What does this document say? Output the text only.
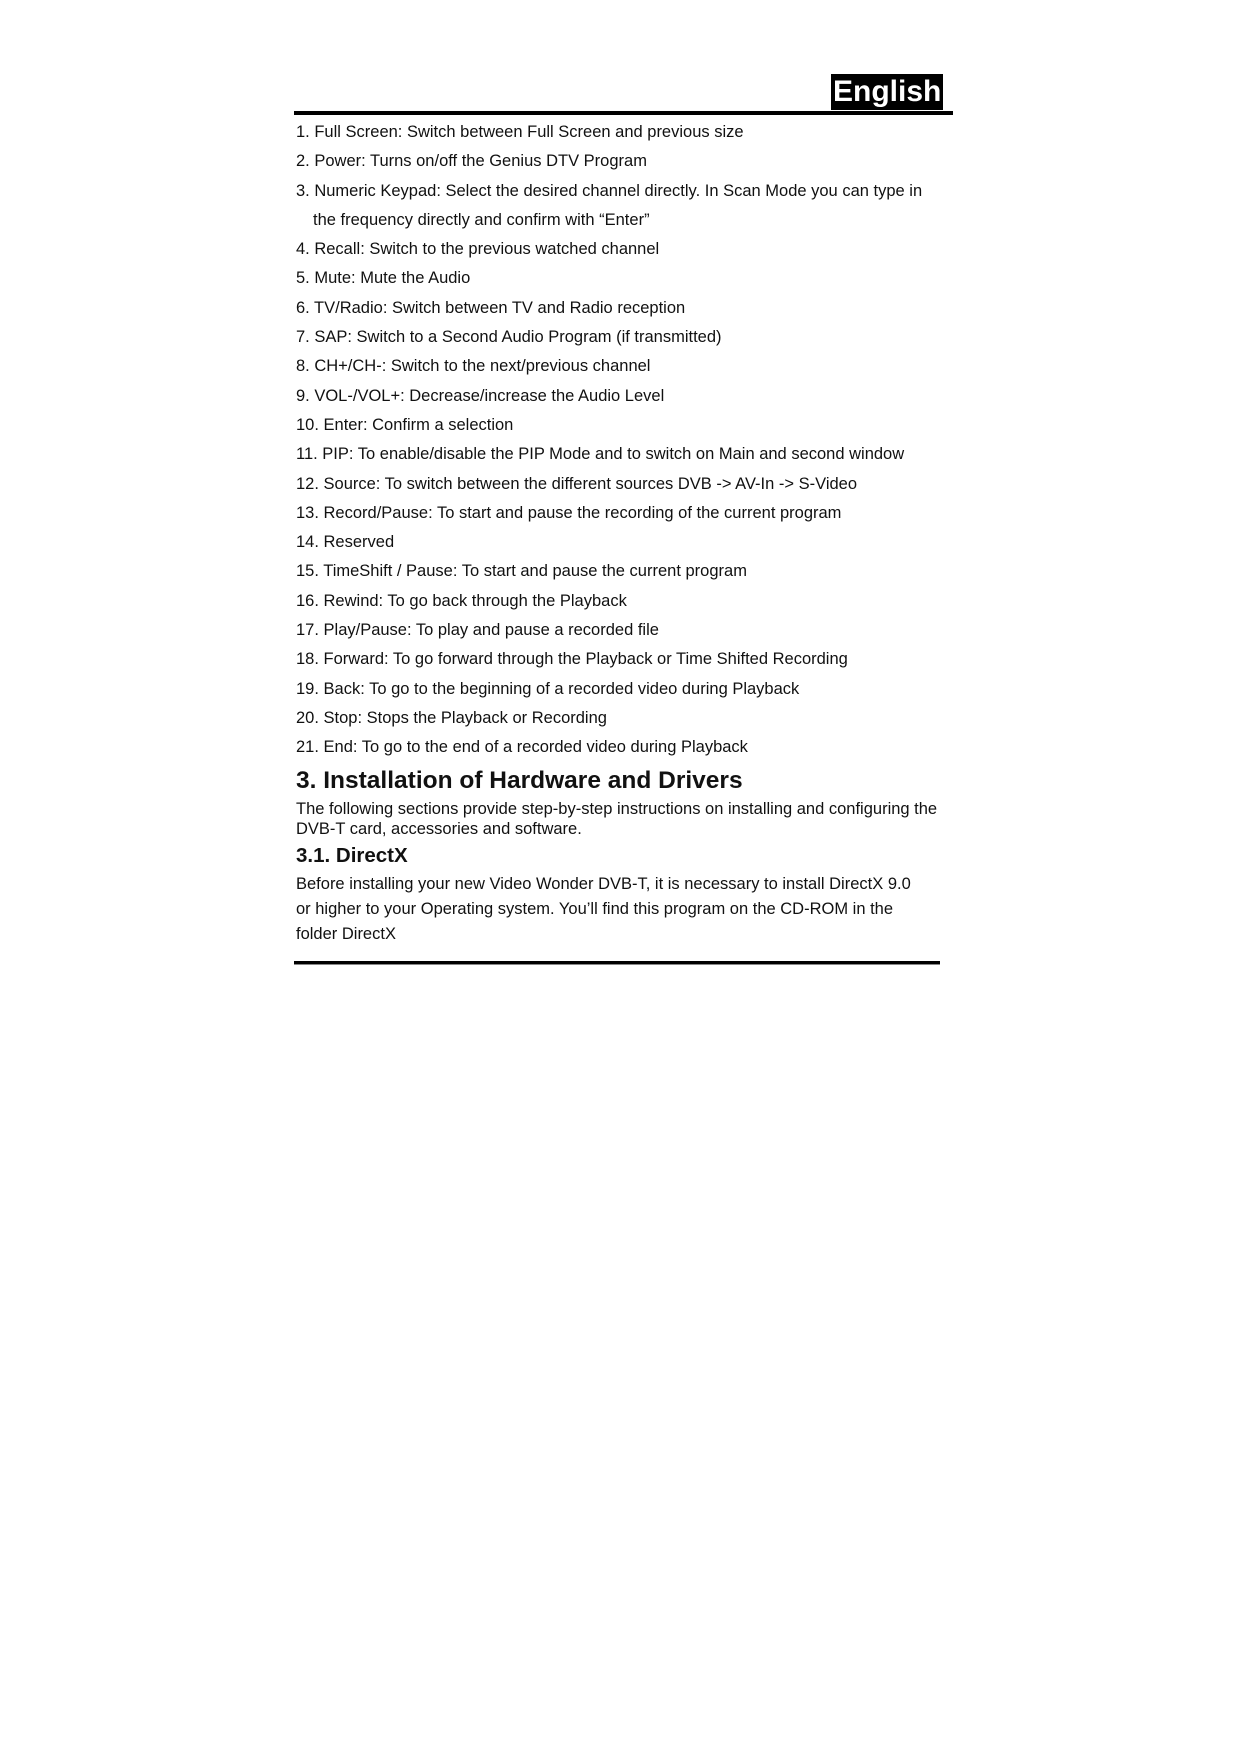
English
1. Full Screen: Switch between Full Screen and previous size
2. Power: Turns on/off the Genius DTV Program
3. Numeric Keypad: Select the desired channel directly. In Scan Mode you can type in
the frequency directly and confirm with “Enter”
4. Recall: Switch to the previous watched channel
5. Mute: Mute the Audio
6. TV/Radio: Switch between TV and Radio reception
7. SAP: Switch to a Second Audio Program (if transmitted)
8. CH+/CH-: Switch to the next/previous channel
9. VOL-/VOL+: Decrease/increase the Audio Level
10. Enter: Confirm a selection
11. PIP: To enable/disable the PIP Mode and to switch on Main and second window
12. Source: To switch between the different sources DVB -> AV-In -> S-Video
13. Record/Pause: To start and pause the recording of the current program
14. Reserved
15. TimeShift / Pause: To start and pause the current program
16. Rewind: To go back through the Playback
17. Play/Pause: To play and pause a recorded file
18. Forward: To go forward through the Playback or Time Shifted Recording
19. Back: To go to the beginning of a recorded video during Playback
20. Stop: Stops the Playback or Recording
21. End: To go to the end of a recorded video during Playback
3. Installation of Hardware and Drivers

The following sections provide step-by-step instructions on installing and configuring the DVB-T card, accessories and software.

3.1. DirectX

Before installing your new Video Wonder DVB-T, it is necessary to install DirectX 9.0
or higher to your Operating system. You’ll find this program on the CD-ROM in the
folder DirectX
